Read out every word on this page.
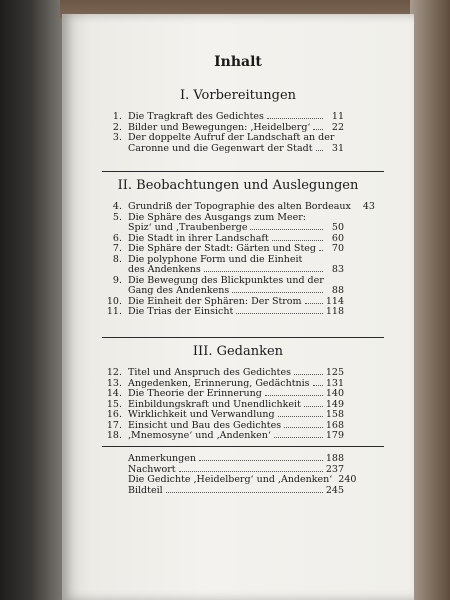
Inhalt
I. Vorbereitungen
1. Die Tragkraft des Gedichtes	11
2. Bilder und Bewegungen: ‚Heidelberg‘	22
3. Der doppelte Aufruf der Landschaft an der
Caronne und die Gegenwart der Stadt	31
II. Beobachtungen und Auslegungen
4. Grundriß der Topographie des alten Bordeaux	43
5. Die Sphäre des Ausgangs zum Meer:
Spiz‘ und ‚Traubenberge	50
6. Die Stadt in ihrer Landschaft	60
7. Die Sphäre der Stadt: Gärten und Steg	70
8. Die polyphone Form und die Einheit
des Andenkens	83
9. Die Bewegung des Blickpunktes und der
Gang des Andenkens	88
10. Die Einheit der Sphären: Der Strom	114
11. Die Trias der Einsicht	118
III. Gedanken
12. Titel und Anspruch des Gedichtes	125
13. Angedenken, Erinnerung, Gedächtnis 131
14. Die Theorie der Erinnerung	140
15. Einbildungskraft und Unendlichkeit	149
16. Wirklichkeit und Verwandlung	158
17. Einsicht und Bau des Gedichtes	168
18. ‚Mnemosyne‘ und ‚Andenken‘	179
Anmerkungen	188
Nachwort	237
Die Gedichte ‚Heidelberg‘ und ‚Andenken‘ 240
Bildteil	245
